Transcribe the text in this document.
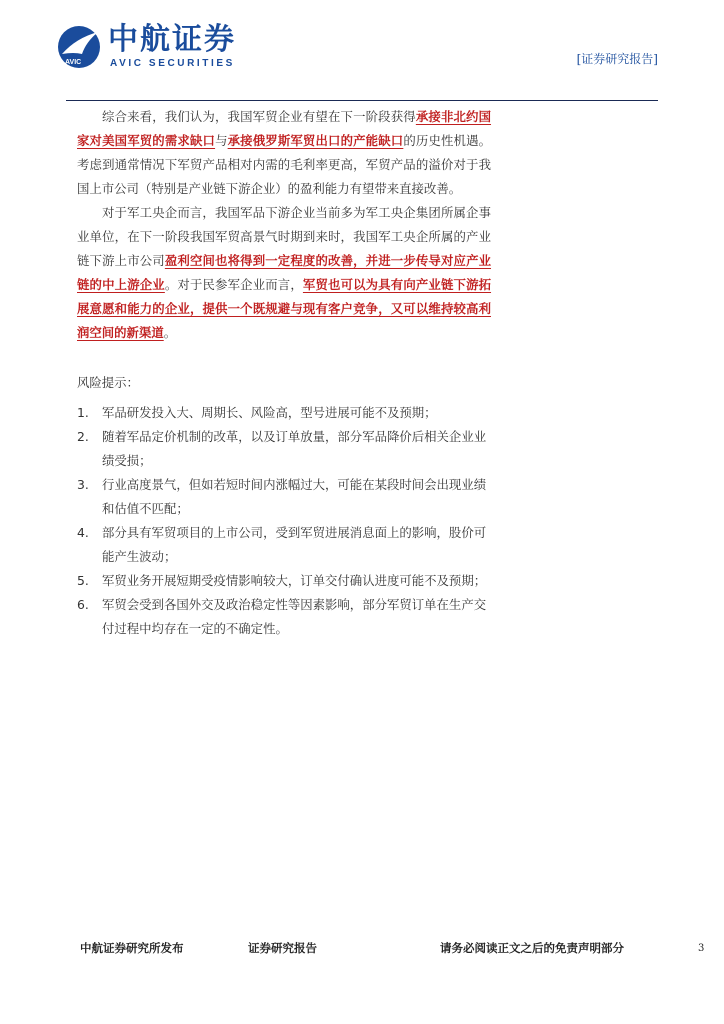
AVIC
中航证券
AVIC SECURITIES	[证券研究报告]

综合来看，我们认为，我国军贸企业有望在下一阶段获得承接非北约国家对美国军贸的需求缺口与承接俄罗斯军贸出口的产能缺口的历史性机遇。考虑到通常情况下军贸产品相对内需的毛利率更高，军贸产品的溢价对于我国上市公司（特别是产业链下游企业）的盈利能力有望带来直接改善。

对于军工央企而言，我国军品下游企业当前多为军工央企集团所属企事业单位，在下一阶段我国军贸高景气时期到来时，我国军工央企所属的产业链下游上市公司盈利空间也将得到一定程度的改善，并进一步传导对应产业链的中上游企业。对于民参军企业而言，军贸也可以为具有向产业链下游拓展意愿和能力的企业，提供一个既规避与现有客户竞争，又可以维持较高利润空间的新渠道。

风险提示：
1. 军品研发投入大、周期长、风险高，型号进展可能不及预期；
2. 随着军品定价机制的改革，以及订单放量，部分军品降价后相关企业业绩受损；
3. 行业高度景气，但如若短时间内涨幅过大，可能在某段时间会出现业绩和估值不匹配；
4. 部分具有军贸项目的上市公司，受到军贸进展消息面上的影响，股价可能产生波动；
5. 军贸业务开展短期受疫情影响较大，订单交付确认进度可能不及预期；
6. 军贸会受到各国外交及政治稳定性等因素影响，部分军贸订单在生产交付过程中均存在一定的不确定性。
中航证券研究所发布	证券研究报告	请务必阅读正文之后的免责声明部分	3
